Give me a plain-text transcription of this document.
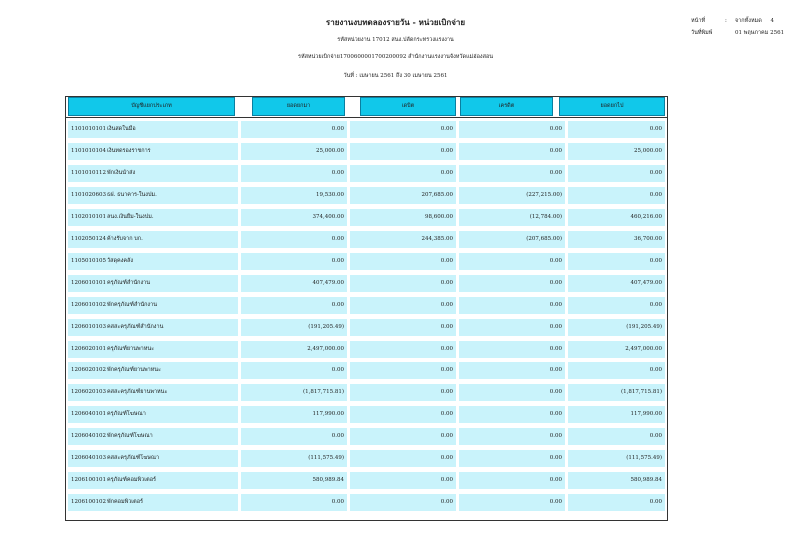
รายงานงบทดลองรายวัน - หน่วยเบิกจ่าย
รหัสหน่วยงาน 17012 สนง.ปลัดกระทรวงแรงงาน
รหัสหน่วยเบิกจ่าย1700600001700200092 สำนักงานแรงงานจังหวัดแม่ฮ่องสอน
วันที่ : เมษายน 2561 ถึง 30 เมษายน 2561
หน้าที่	: จากทั้งหมด 4
วันที่พิมพ์	01 พฤษภาคม 2561
บัญชีแยกประเภท	ยอดยกมา	เดบิต	เครดิต	ยอดยกไป
1101010101 เงินสดในมือ	0.00	0.00	0.00	0.00
1101010104 เงินทดรองราชการ	25,000.00	0.00	0.00	25,000.00
1101010112 พักเงินนำส่ง	0.00	0.00	0.00	0.00
1101020603 ธฝ. ธนาคาร-ในงปม.	19,530.00	207,685.00	(227,215.00)	0.00
1102010101 ลนง.เงินยืม-ในงปม.	374,400.00	98,600.00	(12,784.00)	460,216.00
1102050124 ค้างรับจาก บก.	0.00	244,385.00	(207,685.00)	36,700.00
1105010105 วัสดุคงคลัง	0.00	0.00	0.00	0.00
1206010101 ครุภัณฑ์สำนักงาน	407,479.00	0.00	0.00	407,479.00
1206010102 พักครุภัณฑ์สำนักงาน	0.00	0.00	0.00	0.00
1206010103 คสสะครุภัณฑ์สำนักงาน	(191,205.49)	0.00	0.00	(191,205.49)
1206020101 ครุภัณฑ์ยานพาหนะ	2,497,000.00	0.00	0.00	2,497,000.00
1206020102 พักครุภัณฑ์ยานพาหนะ	0.00	0.00	0.00	0.00
1206020103 คสสะครุภัณฑ์ยานพาหนะ	(1,817,715.81)	0.00	0.00	(1,817,715.81)
1206040101 ครุภัณฑ์โฆษณา	117,990.00	0.00	0.00	117,990.00
1206040102 พักครุภัณฑ์โฆษณา	0.00	0.00	0.00	0.00
1206040103 คสสะครุภัณฑ์โฆษณา	(111,575.49)	0.00	0.00	(111,575.49)
1206100101 ครุภัณฑ์คอมพิวเตอร์	580,989.84	0.00	0.00	580,989.84
1206100102 พักคอมพิวเตอร์	0.00	0.00	0.00	0.00
